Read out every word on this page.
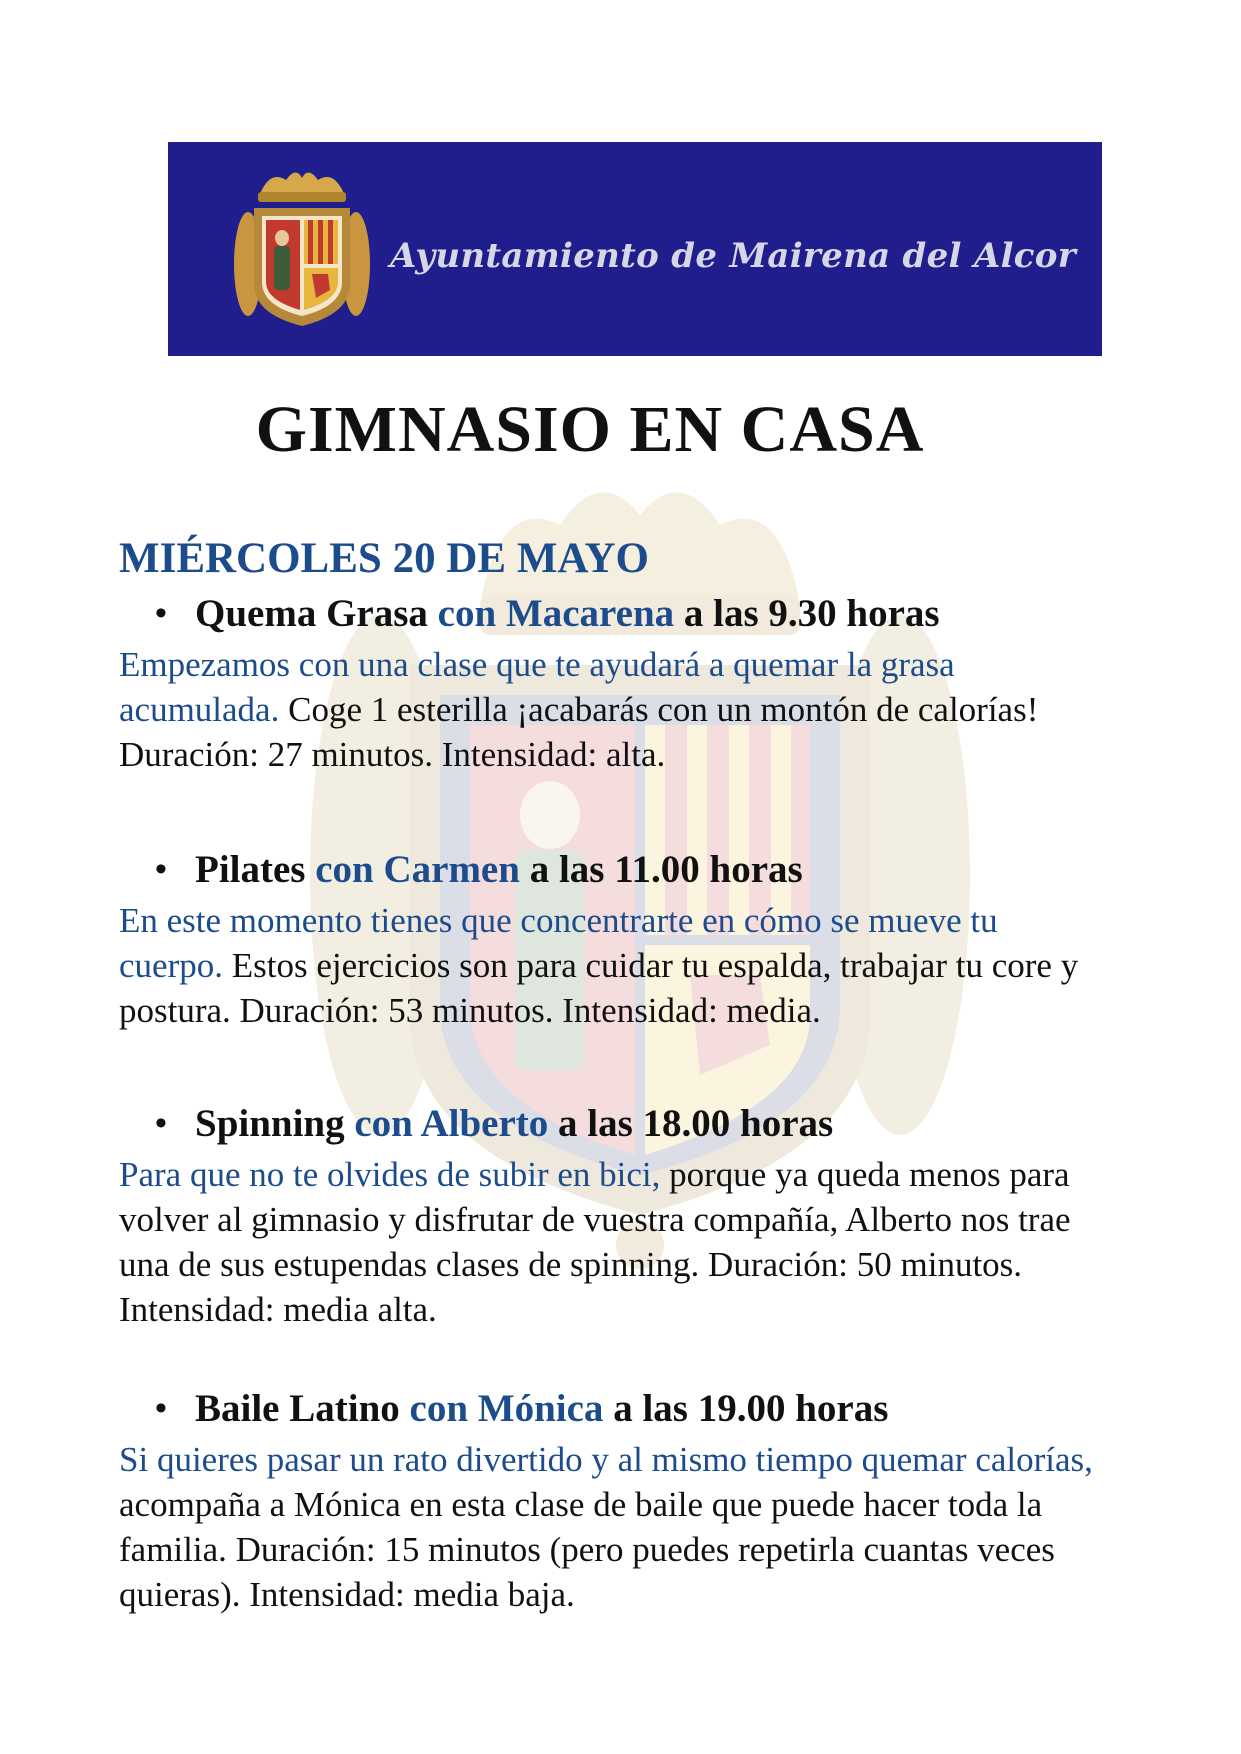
Ayuntamiento de Mairena del Alcor
GIMNASIO EN CASA
MIÉRCOLES 20 DE MAYO
• Quema Grasa con Macarena a las 9.30 horas
Empezamos con una clase que te ayudará a quemar la grasa acumulada. Coge 1 esterilla ¡acabarás con un montón de calorías! Duración: 27 minutos. Intensidad: alta.
• Pilates con Carmen a las 11.00 horas
En este momento tienes que concentrarte en cómo se mueve tu cuerpo. Estos ejercicios son para cuidar tu espalda, trabajar tu core y postura. Duración: 53 minutos. Intensidad: media.
• Spinning con Alberto a las 18.00 horas
Para que no te olvides de subir en bici, porque ya queda menos para volver al gimnasio y disfrutar de vuestra compañía, Alberto nos trae una de sus estupendas clases de spinning. Duración: 50 minutos. Intensidad: media alta.
• Baile Latino con Mónica a las 19.00 horas
Si quieres pasar un rato divertido y al mismo tiempo quemar calorías, acompaña a Mónica en esta clase de baile que puede hacer toda la familia. Duración: 15 minutos (pero puedes repetirla cuantas veces quieras). Intensidad: media baja.
